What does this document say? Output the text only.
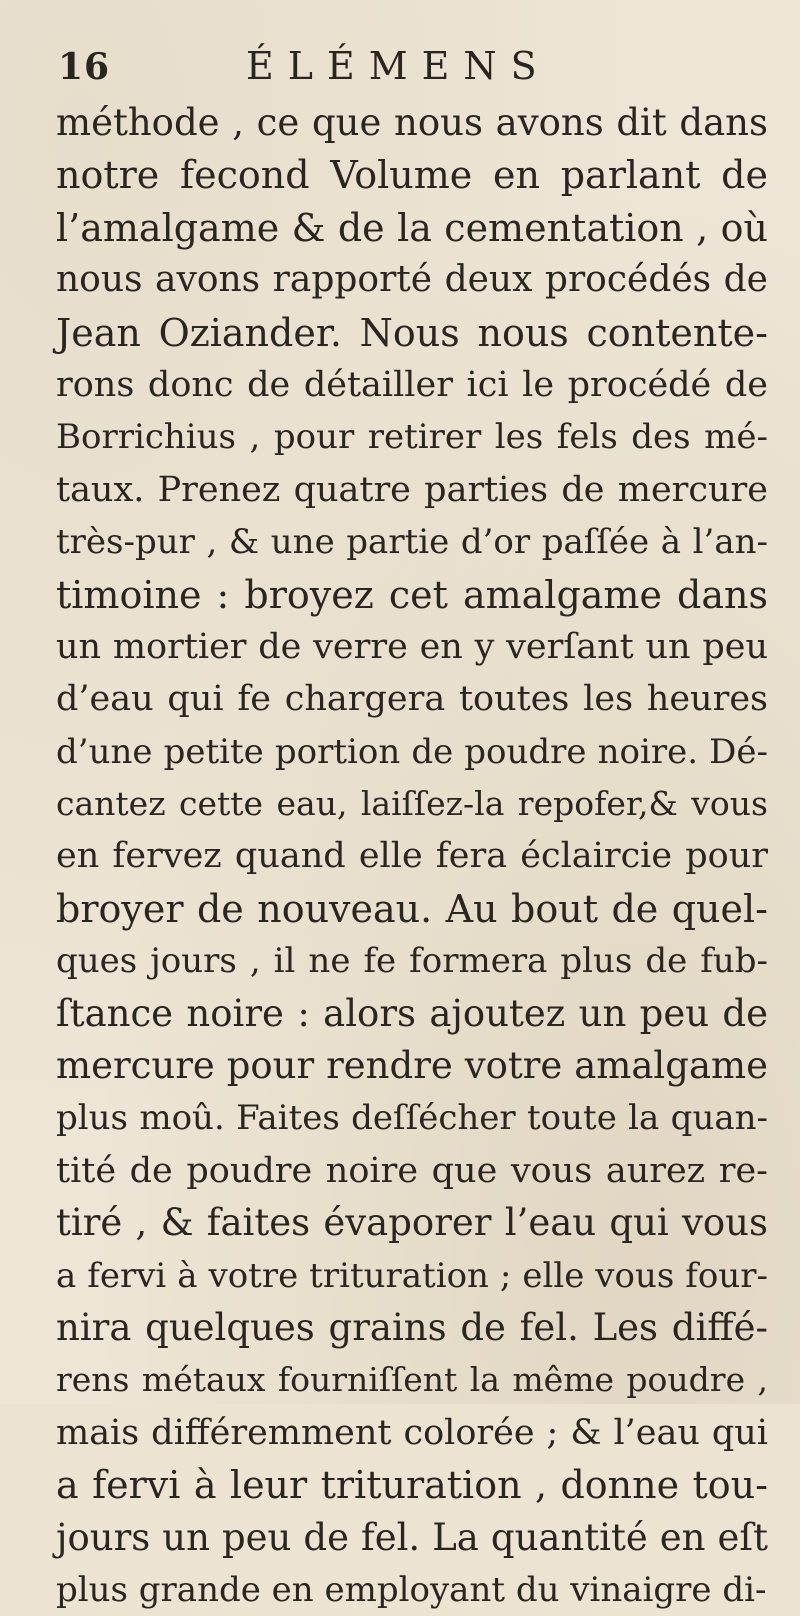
16	ÉLÉMENS
méthode , ce que nous avons dit dans
notre fecond Volume en parlant de
l’amalgame & de la cementation , où
nous avons rapporté deux procédés de
Jean Oziander. Nous nous contente-
rons donc de détailler ici le procédé de
Borrichius , pour retirer les fels des mé-
taux. Prenez quatre parties de mercure
très-pur , & une partie d’or paſſée à l’an-
timoine : broyez cet amalgame dans
un mortier de verre en y verſant un peu
d’eau qui fe chargera toutes les heures
d’une petite portion de poudre noire. Dé-
cantez cette eau, laiſſez-la repofer,& vous
en fervez quand elle fera éclaircie pour
broyer de nouveau. Au bout de quel-
ques jours , il ne fe formera plus de fub-
ſtance noire : alors ajoutez un peu de
mercure pour rendre votre amalgame
plus moû. Faites deſſécher toute la quan-
tité de poudre noire que vous aurez re-
tiré , & faites évaporer l’eau qui vous
a fervi à votre trituration ; elle vous four-
nira quelques grains de fel. Les diffé-
rens métaux fourniſſent la même poudre ,
mais différemment colorée ; & l’eau qui
a fervi à leur trituration , donne tou-
jours un peu de fel. La quantité en eſt
plus grande en employant du vinaigre di-
